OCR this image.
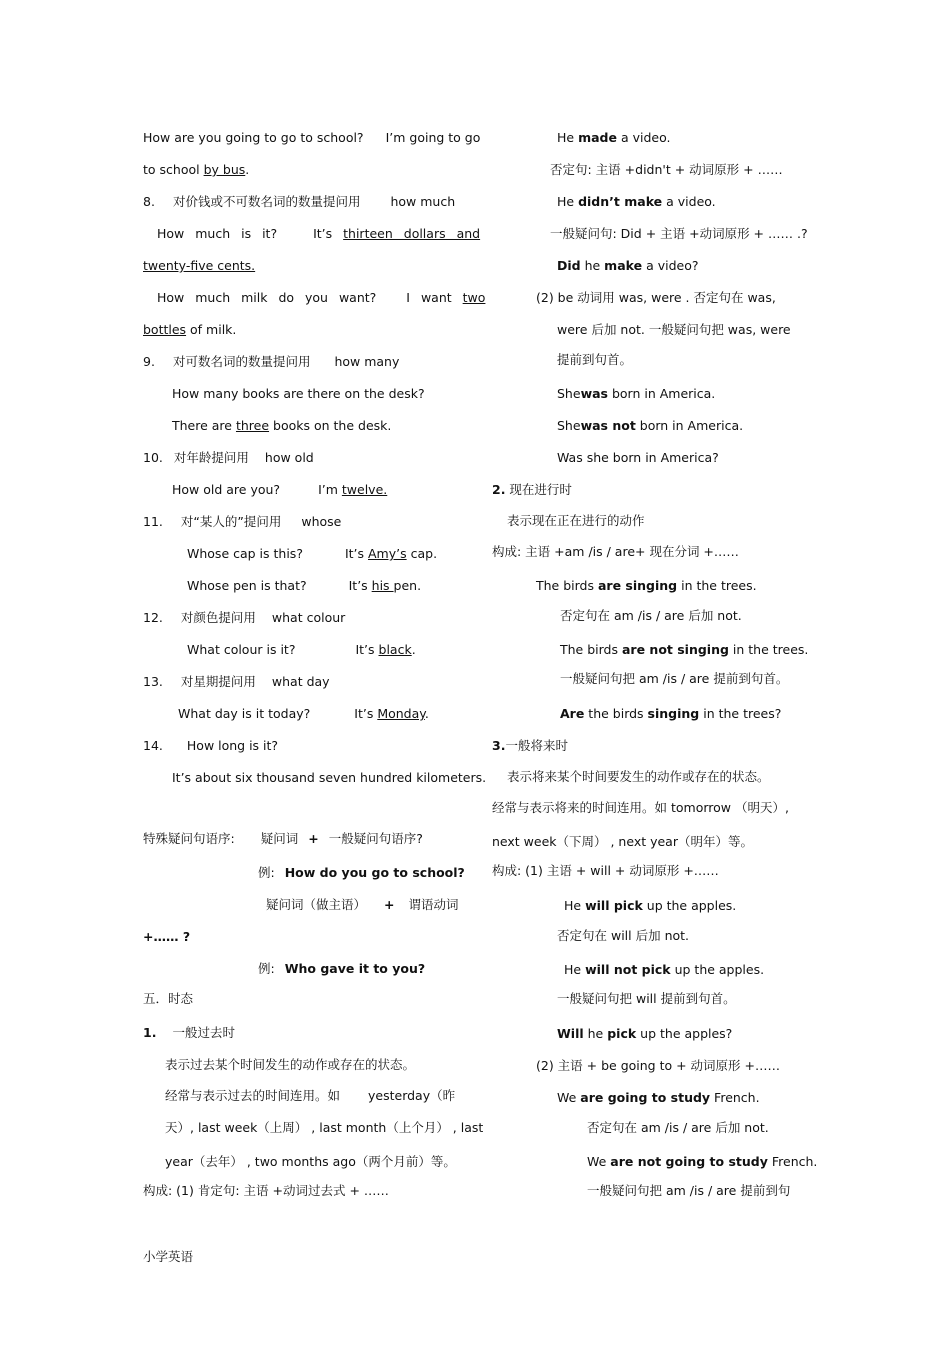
How are you going to go to school? I’m going to go
to school by bus.
8. 对价钱或不可数名词的数量提问用 how much
How much is it?	It’s thirteen dollars and
twenty-five cents.
How much milk do you want? I want two
bottles of milk.
9. 对可数名词的数量提问用 how many
How many books are there on the desk?
There are three books on the desk.
10. 对年龄提问用 how old
How old are you?	I’m twelve.
11. 对“某人的”提问用 whose
Whose cap is this?	It’s Amy’s cap.
Whose pen is that?	It’s his pen.
12. 对颜色提问用 what colour
What colour is it?	It’s black.
13. 对星期提问用 what day
What day is it today?	It’s Monday.
14. How long is it?
It’s about six thousand seven hundred kilometers.
特殊疑问句语序: 疑问词 + 一般疑问句语序?
例: How do you go to school?
疑问词（做主语） + 谓语动词
+…… ?
例: Who gave it to you?
五．时态
1. 一般过去时
表示过去某个时间发生的动作或存在的状态。
经常与表示过去的时间连用。如 yesterday（昨
天）, last week（上周） , last month（上个月） , last
year（去年） , two months ago（两个月前）等。
构成: (1) 肯定句: 主语 +动词过去式 + ……
He made a video.
否定句: 主语 +didn't + 动词原形 + ……
He didn’t make a video.
一般疑问句: Did + 主语 +动词原形 + …… .?
Did he make a video?
(2) be 动词用 was, were . 否定句在 was,
were 后加 not. 一般疑问句把 was, were
提前到句首。
Shewas born in America.
Shewas not born in America.
Was she born in America?
2. 现在进行时
表示现在正在进行的动作
构成: 主语 +am /is / are+ 现在分词 +……
The birds are singing in the trees.
否定句在 am /is / are 后加 not.
The birds are not singing in the trees.
一般疑问句把 am /is / are 提前到句首。
Are the birds singing in the trees?
3.一般将来时
表示将来某个时间要发生的动作或存在的状态。
经常与表示将来的时间连用。如 tomorrow （明天）,
next week（下周） , next year（明年）等。
构成: (1) 主语 + will + 动词原形 +……
He will pick up the apples.
否定句在 will 后加 not.
He will not pick up the apples.
一般疑问句把 will 提前到句首。
Will he pick up the apples?
(2) 主语 + be going to + 动词原形 +……
We are going to study French.
否定句在 am /is / are 后加 not.
We are not going to study French.
一般疑问句把 am /is / are 提前到句
小学英语
